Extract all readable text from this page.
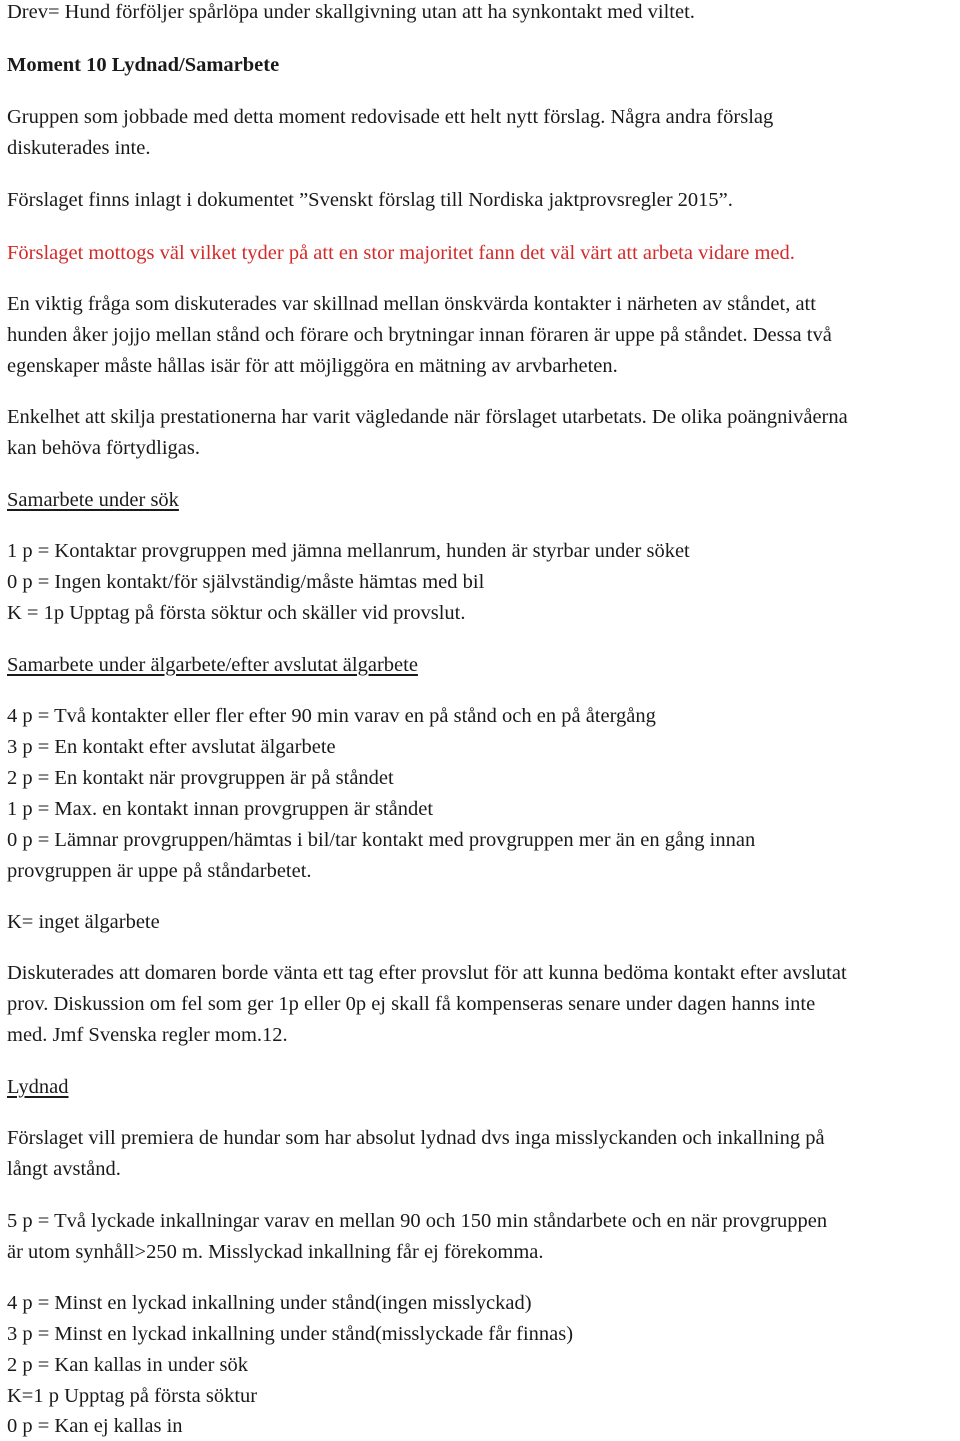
Drev= Hund förföljer spårlöpa under skallgivning utan att ha synkontakt med viltet.
Moment 10 Lydnad/Samarbete
Gruppen som jobbade med detta moment redovisade ett helt nytt förslag. Några andra förslag
diskuterades inte.
Förslaget finns inlagt i dokumentet ”Svenskt förslag till Nordiska jaktprovsregler 2015”.
Förslaget mottogs väl vilket tyder på att en stor majoritet fann det väl värt att arbeta vidare med.
En viktig fråga som diskuterades var skillnad mellan önskvärda kontakter i närheten av ståndet, att
hunden åker jojjo mellan stånd och förare och brytningar innan föraren är uppe på ståndet. Dessa två
egenskaper måste hållas isär för att möjliggöra en mätning av arvbarheten.
Enkelhet att skilja prestationerna har varit vägledande när förslaget utarbetats. De olika poängnivåerna
kan behöva förtydligas.
Samarbete under sök
1 p = Kontaktar provgruppen med jämna mellanrum, hunden är styrbar under söket
0 p = Ingen kontakt/för självständig/måste hämtas med bil
K = 1p Upptag på första söktur och skäller vid provslut.
Samarbete under älgarbete/efter avslutat älgarbete
4 p = Två kontakter eller fler efter 90 min varav en på stånd och en på återgång
3 p = En kontakt efter avslutat älgarbete
2 p = En kontakt när provgruppen är på ståndet
1 p = Max. en kontakt innan provgruppen är ståndet
0 p = Lämnar provgruppen/hämtas i bil/tar kontakt med provgruppen mer än en gång innan
provgruppen är uppe på ståndarbetet.
K= inget älgarbete
Diskuterades att domaren borde vänta ett tag efter provslut för att kunna bedöma kontakt efter avslutat
prov. Diskussion om fel som ger 1p eller 0p ej skall få kompenseras senare under dagen hanns inte
med. Jmf Svenska regler mom.12.
Lydnad
Förslaget vill premiera de hundar som har absolut lydnad dvs inga misslyckanden och inkallning på
långt avstånd.
5 p = Två lyckade inkallningar varav en mellan 90 och 150 min ståndarbete och en när provgruppen
är utom synhåll>250 m. Misslyckad inkallning får ej förekomma.
4 p = Minst en lyckad inkallning under stånd(ingen misslyckad)
3 p = Minst en lyckad inkallning under stånd(misslyckade får finnas)
2 p = Kan kallas in under sök
K=1 p Upptag på första söktur
0 p = Kan ej kallas in
